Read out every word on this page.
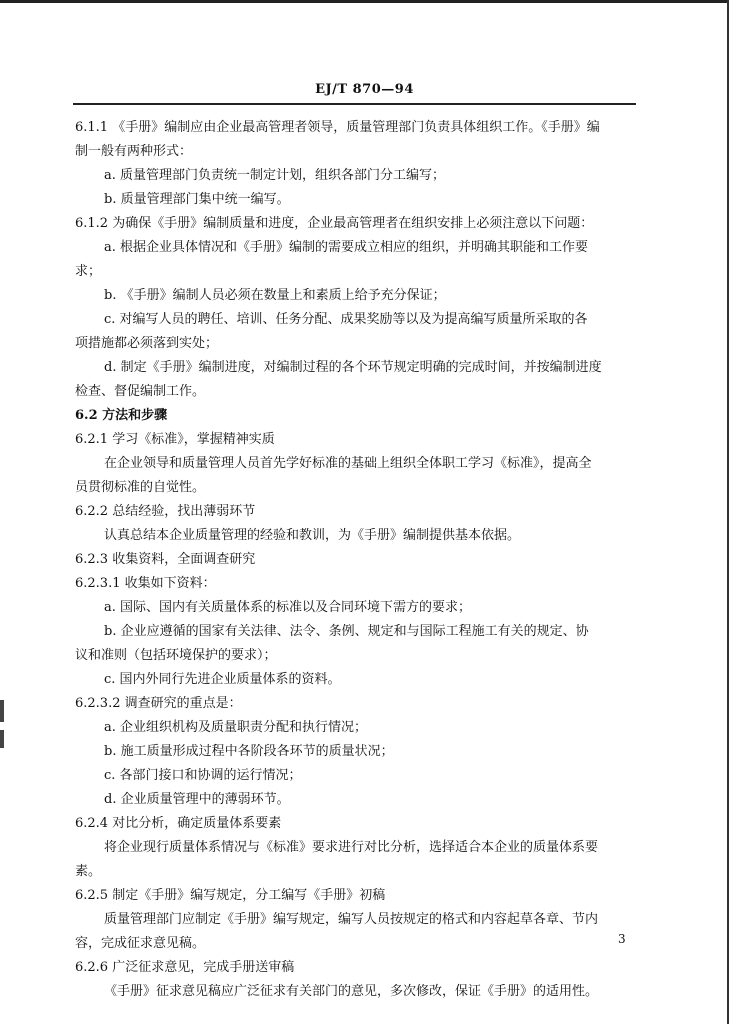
EJ/T 870—94
6.1.1 《手册》编制应由企业最高管理者领导，质量管理部门负责具体组织工作。《手册》编
制一般有两种形式：
a. 质量管理部门负责统一制定计划，组织各部门分工编写；
b. 质量管理部门集中统一编写。
6.1.2 为确保《手册》编制质量和进度，企业最高管理者在组织安排上必须注意以下问题：
a. 根据企业具体情况和《手册》编制的需要成立相应的组织，并明确其职能和工作要
求；
b. 《手册》编制人员必须在数量上和素质上给予充分保证；
c. 对编写人员的聘任、培训、任务分配、成果奖励等以及为提高编写质量所采取的各
项措施都必须落到实处；
d. 制定《手册》编制进度，对编制过程的各个环节规定明确的完成时间，并按编制进度
检查、督促编制工作。
6.2 方法和步骤
6.2.1 学习《标准》，掌握精神实质
在企业领导和质量管理人员首先学好标准的基础上组织全体职工学习《标准》，提高全
员贯彻标准的自觉性。
6.2.2 总结经验，找出薄弱环节
认真总结本企业质量管理的经验和教训，为《手册》编制提供基本依据。
6.2.3 收集资料，全面调查研究
6.2.3.1 收集如下资料：
a. 国际、国内有关质量体系的标准以及合同环境下需方的要求；
b. 企业应遵循的国家有关法律、法令、条例、规定和与国际工程施工有关的规定、协
议和准则（包括环境保护的要求）；
c. 国内外同行先进企业质量体系的资料。
6.2.3.2 调查研究的重点是：
a. 企业组织机构及质量职责分配和执行情况；
b. 施工质量形成过程中各阶段各环节的质量状况；
c. 各部门接口和协调的运行情况；
d. 企业质量管理中的薄弱环节。
6.2.4 对比分析，确定质量体系要素
将企业现行质量体系情况与《标准》要求进行对比分析，选择适合本企业的质量体系要
素。
6.2.5 制定《手册》编写规定，分工编写《手册》初稿
质量管理部门应制定《手册》编写规定，编写人员按规定的格式和内容起草各章、节内
容，完成征求意见稿。
6.2.6 广泛征求意见，完成手册送审稿
《手册》征求意见稿应广泛征求有关部门的意见，多次修改，保证《手册》的适用性。
3
